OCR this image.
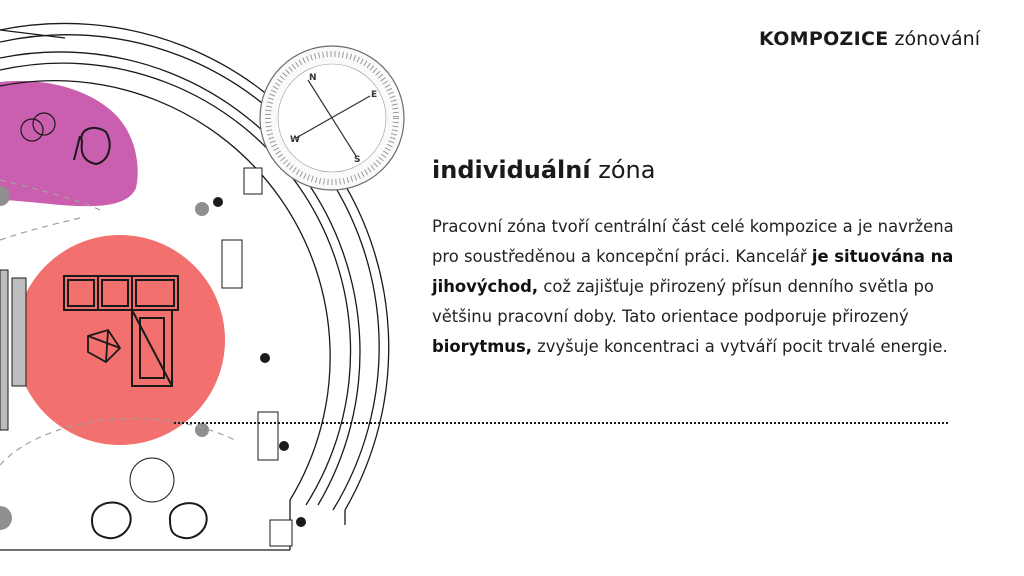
N
E
S
W
KOMPOZICE zónování
individuální zóna
Pracovní zóna tvoří centrální část celé kompozice a je navržena pro soustředěnou a koncepční práci. Kancelář je situována na jihovýchod, což zajišťuje přirozený přísun denního světla po většinu pracovní doby. Tato orientace podporuje přirozený biorytmus, zvyšuje koncentraci a vytváří pocit trvalé energie.
